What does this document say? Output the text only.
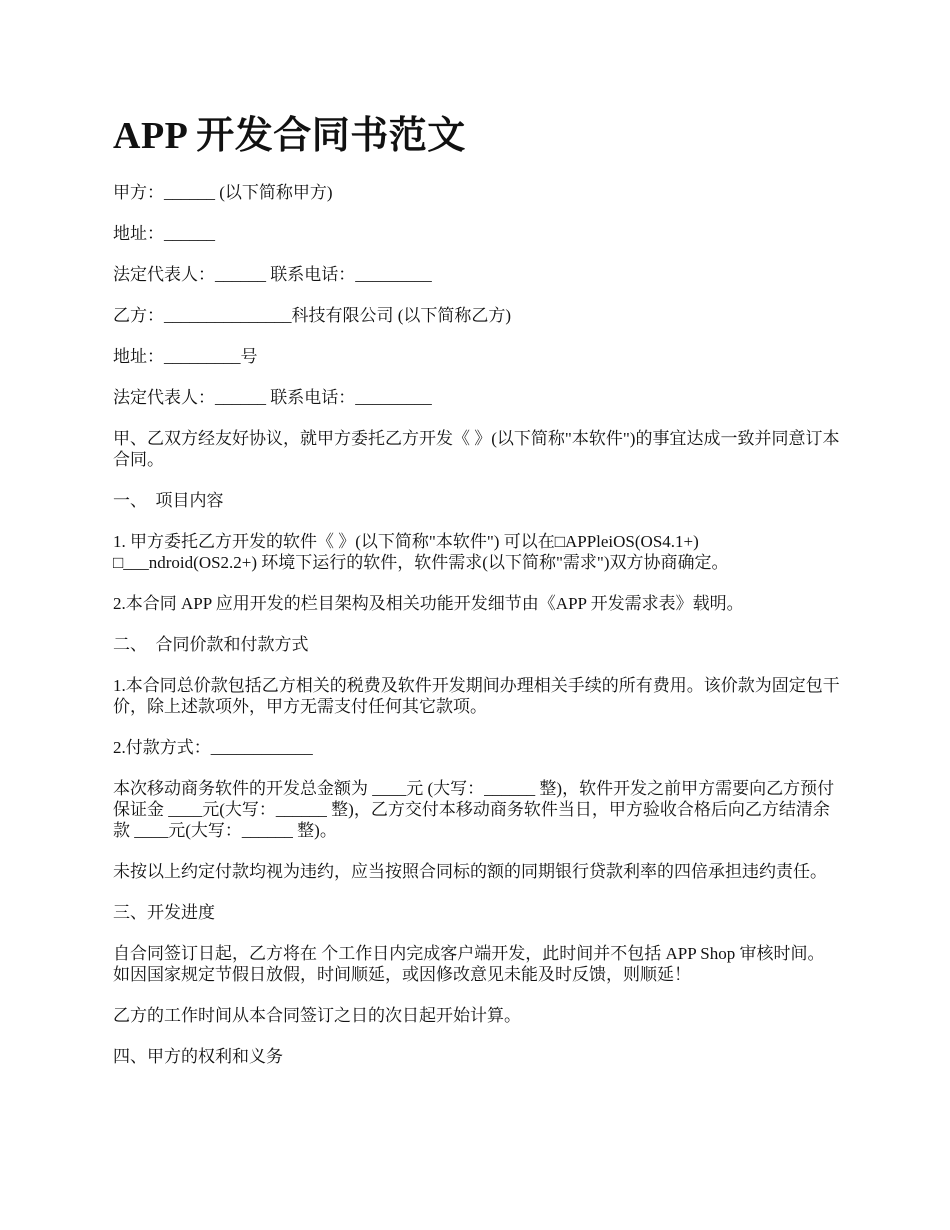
APP 开发合同书范文

甲方：______ (以下简称甲方)

地址：______

法定代表人：______ 联系电话：_________

乙方：_______________科技有限公司 (以下简称乙方)

地址：_________号

法定代表人：______ 联系电话：_________

甲、乙双方经友好协议，就甲方委托乙方开发《 》(以下简称"本软件")的事宜达成一致并同意订本合同。

一、  项目内容

1. 甲方委托乙方开发的软件《 》(以下简称"本软件") 可以在□APPleiOS(OS4.1+) □___ndroid(OS2.2+) 环境下运行的软件，软件需求(以下简称"需求")双方协商确定。

2.本合同 APP 应用开发的栏目架构及相关功能开发细节由《APP 开发需求表》载明。

二、  合同价款和付款方式

1.本合同总价款包括乙方相关的税费及软件开发期间办理相关手续的所有费用。该价款为固定包干价，除上述款项外，甲方无需支付任何其它款项。

2.付款方式：____________

本次移动商务软件的开发总金额为 ____元 (大写：______ 整)，软件开发之前甲方需要向乙方预付保证金 ____元(大写：______ 整)，乙方交付本移动商务软件当日，甲方验收合格后向乙方结清余款 ____元(大写：______ 整)。

未按以上约定付款均视为违约，应当按照合同标的额的同期银行贷款利率的四倍承担违约责任。

三、开发进度

自合同签订日起，乙方将在 个工作日内完成客户端开发，此时间并不包括 APP Shop 审核时间。 如因国家规定节假日放假，时间顺延，或因修改意见未能及时反馈，则顺延！

乙方的工作时间从本合同签订之日的次日起开始计算。

四、甲方的权利和义务
